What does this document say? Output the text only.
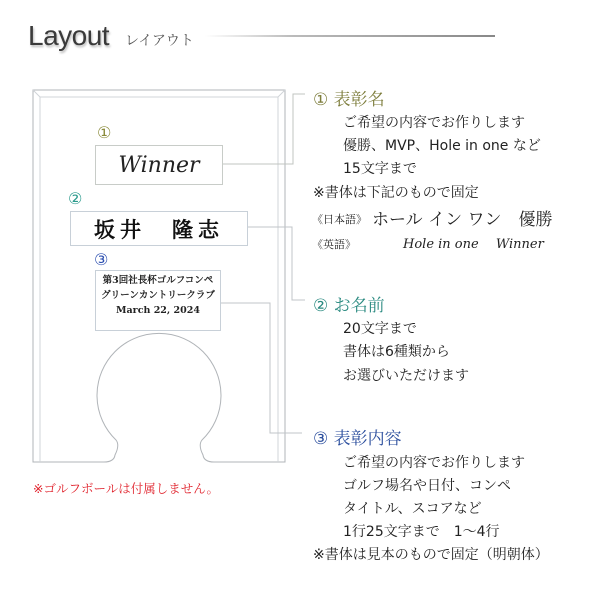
Layout レイアウト
①
Winner
②
坂井　隆志
③
第3回社長杯ゴルフコンペ
グリーンカントリークラブ
March 22, 2024
※ゴルフボールは付属しません。
① 表彰名
ご希望の内容でお作りします
優勝、MVP、Hole in one など
15文字まで
※書体は下記のもので固定
《日本語》 ホール イン ワン　優勝
《英語》	Hole in one　 Winner
② お名前
20文字まで
書体は6種類から
お選びいただけます
③ 表彰内容
ご希望の内容でお作りします
ゴルフ場名や日付、コンペ
タイトル、スコアなど
1行25文字まで　1～4行
※書体は見本のもので固定（明朝体）
